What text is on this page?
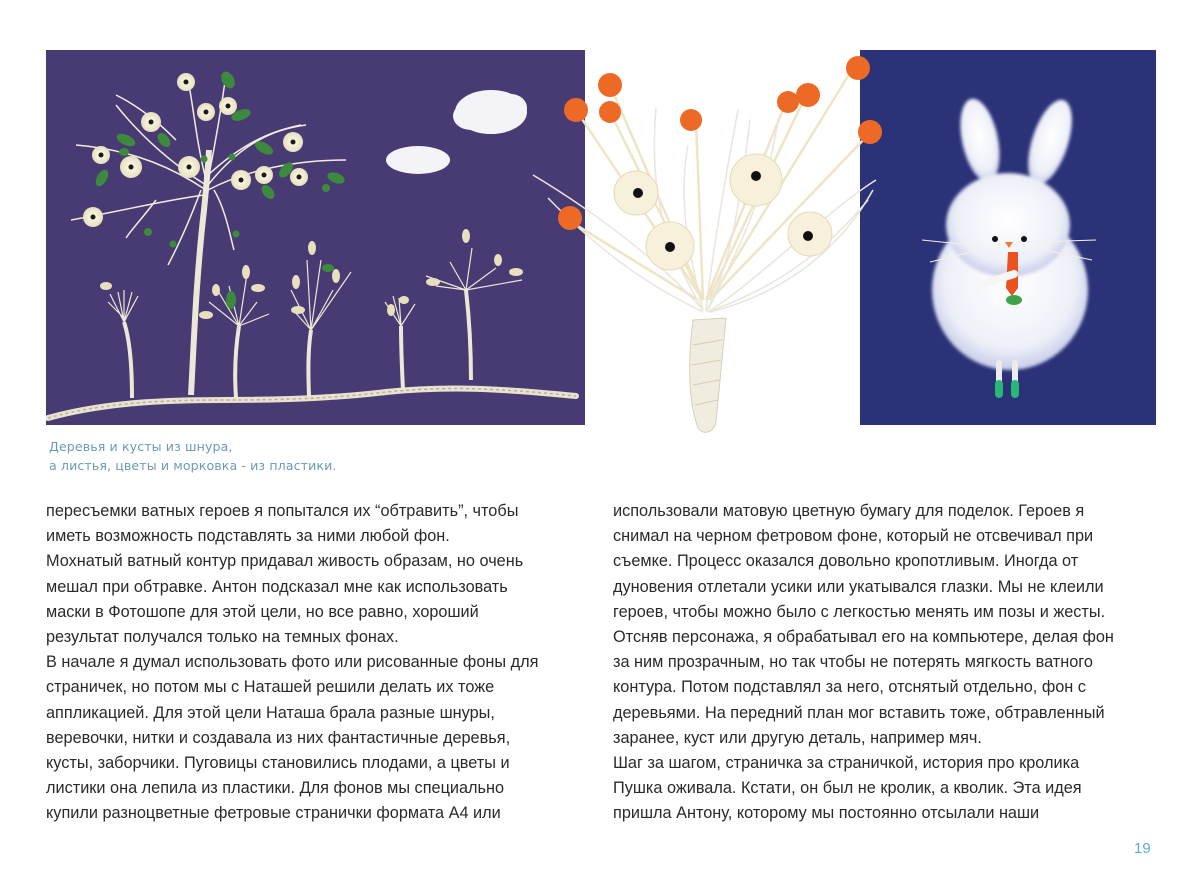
Деревья и кусты из шнура,
а листья, цветы и морковка - из пластики.
пересъемки ватных героев я попытался их “обтравить”, чтобы
иметь возможность подставлять за ними любой фон.
Мохнатый ватный контур придавал живость образам, но очень
мешал при обтравке. Антон подсказал мне как использовать
маски в Фотошопе для этой цели, но все равно, хороший
результат получался только на темных фонах.
В начале я думал использовать фото или рисованные фоны для
страничек, но потом мы с Наташей решили делать их тоже
аппликацией. Для этой цели Наташа брала разные шнуры,
веревочки, нитки и создавала из них фантастичные деревья,
кусты, заборчики. Пуговицы становились плодами, а цветы и
листики она лепила из пластики. Для фонов мы специально
купили разноцветные фетровые странички формата А4 или
использовали матовую цветную бумагу для поделок. Героев я
снимал на черном фетровом фоне, который не отсвечивал при
съемке. Процесс оказался довольно кропотливым. Иногда от
дуновения отлетали усики или укатывался глазки. Мы не клеили
героев, чтобы можно было с легкостью менять им позы и жесты.
Отсняв персонажа, я обрабатывал его на компьютере, делая фон
за ним прозрачным, но так чтобы не потерять мягкость ватного
контура. Потом подставлял за него, отснятый отдельно, фон с
деревьями. На передний план мог вставить тоже, обтравленный
заранее, куст или другую деталь, например мяч.
Шаг за шагом, страничка за страничкой, история про кролика
Пушка оживала. Кстати, он был не кролик, а кволик. Эта идея
пришла Антону, которому мы постоянно отсылали наши
19
